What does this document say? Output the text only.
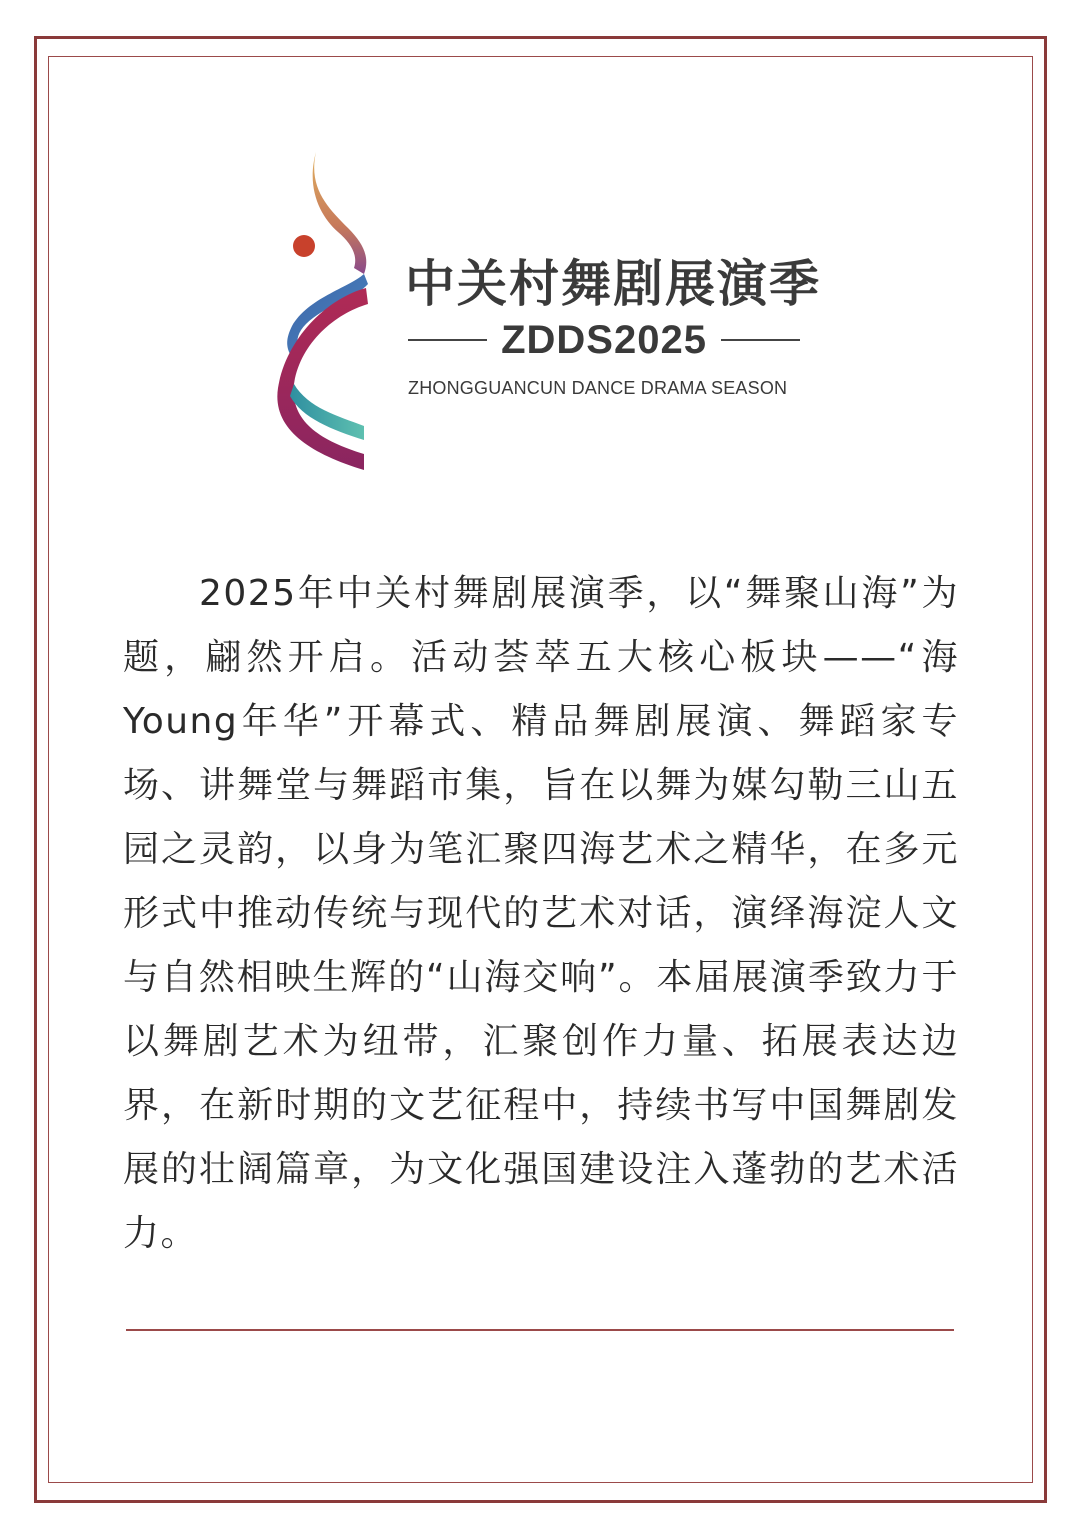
中关村舞剧展演季
ZDDS2025
ZHONGGUANCUN DANCE DRAMA SEASON

2025年中关村舞剧展演季，以“舞聚山海”为题，翩然开启。活动荟萃五大核心板块——“海Young年华”开幕式、精品舞剧展演、舞蹈家专场、讲舞堂与舞蹈市集，旨在以舞为媒勾勒三山五园之灵韵，以身为笔汇聚四海艺术之精华，在多元形式中推动传统与现代的艺术对话，演绎海淀人文与自然相映生辉的“山海交响”。本届展演季致力于以舞剧艺术为纽带，汇聚创作力量、拓展表达边界，在新时期的文艺征程中，持续书写中国舞剧发展的壮阔篇章，为文化强国建设注入蓬勃的艺术活力。
